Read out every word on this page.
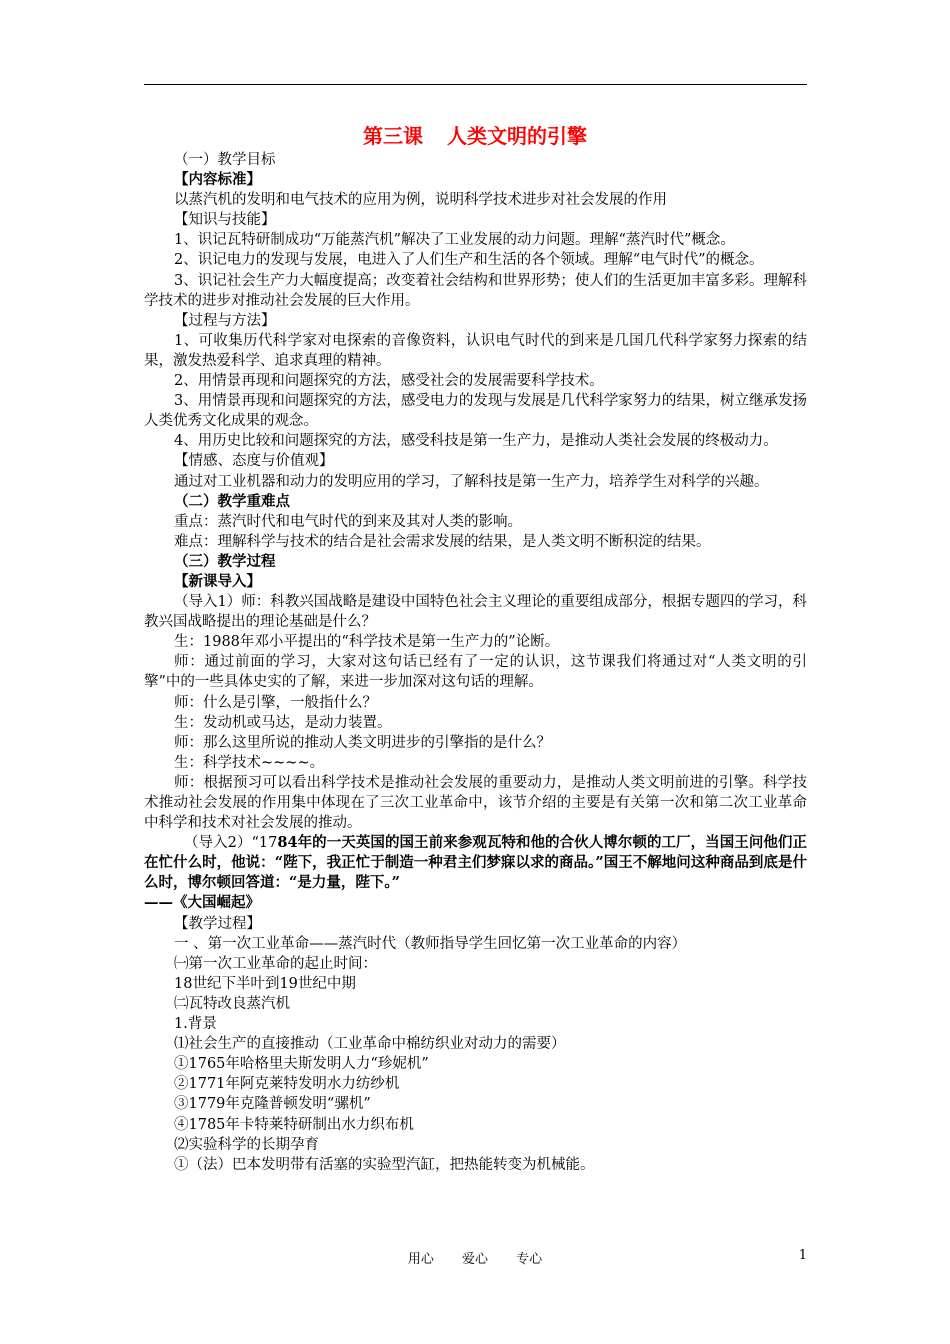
第三课 人类文明的引擎

（一）教学目标

【内容标准】

以蒸汽机的发明和电气技术的应用为例，说明科学技术进步对社会发展的作用

【知识与技能】

1、识记瓦特研制成功“万能蒸汽机”解决了工业发展的动力问题。理解“蒸汽时代”概念。

2、识记电力的发现与发展，电进入了人们生产和生活的各个领域。理解“电气时代”的概念。

3、识记社会生产力大幅度提高；改变着社会结构和世界形势；使人们的生活更加丰富多彩。理解科学技术的进步对推动社会发展的巨大作用。

【过程与方法】

1、可收集历代科学家对电探索的音像资料，认识电气时代的到来是几国几代科学家努力探索的结果，激发热爱科学、追求真理的精神。

2、用情景再现和问题探究的方法，感受社会的发展需要科学技术。

3、用情景再现和问题探究的方法，感受电力的发现与发展是几代科学家努力的结果，树立继承发扬人类优秀文化成果的观念。

4、用历史比较和问题探究的方法，感受科技是第一生产力，是推动人类社会发展的终极动力。

【情感、态度与价值观】

通过对工业机器和动力的发明应用的学习，了解科技是第一生产力，培养学生对科学的兴趣。

（二）教学重难点

重点：蒸汽时代和电气时代的到来及其对人类的影响。

难点：理解科学与技术的结合是社会需求发展的结果，是人类文明不断积淀的结果。

（三）教学过程

【新课导入】

（导入1）师：科教兴国战略是建设中国特色社会主义理论的重要组成部分，根据专题四的学习，科教兴国战略提出的理论基础是什么？

生：1988年邓小平提出的“科学技术是第一生产力的”论断。

师：通过前面的学习，大家对这句话已经有了一定的认识，这节课我们将通过对“人类文明的引擎”中的一些具体史实的了解，来进一步加深对这句话的理解。

师：什么是引擎，一般指什么？

生：发动机或马达，是动力装置。

师：那么这里所说的推动人类文明进步的引擎指的是什么？

生：科学技术~~~~。

师：根据预习可以看出科学技术是推动社会发展的重要动力，是推动人类文明前进的引擎。科学技术推动社会发展的作用集中体现在了三次工业革命中，该节介绍的主要是有关第一次和第二次工业革命中科学和技术对社会发展的推动。

（导入2）“1784年的一天英国的国王前来参观瓦特和他的合伙人博尔顿的工厂，当国王问他们正在忙什么时，他说：“陛下，我正忙于制造一种君主们梦寐以求的商品。”国王不解地问这种商品到底是什么时，博尔顿回答道：“是力量，陛下。”

——《大国崛起》

【教学过程】

一 、第一次工业革命——蒸汽时代（教师指导学生回忆第一次工业革命的内容）

㈠第一次工业革命的起止时间：

18世纪下半叶到19世纪中期

㈡瓦特改良蒸汽机

1.背景

⑴社会生产的直接推动（工业革命中棉纺织业对动力的需要）

①1765年哈格里夫斯发明人力“珍妮机”

②1771年阿克莱特发明水力纺纱机

③1779年克隆普顿发明“骡机”

④1785年卡特莱特研制出水力织布机

⑵实验科学的长期孕育

①（法）巴本发明带有活塞的实验型汽缸，把热能转变为机械能。

用心 爱心 专心	1
